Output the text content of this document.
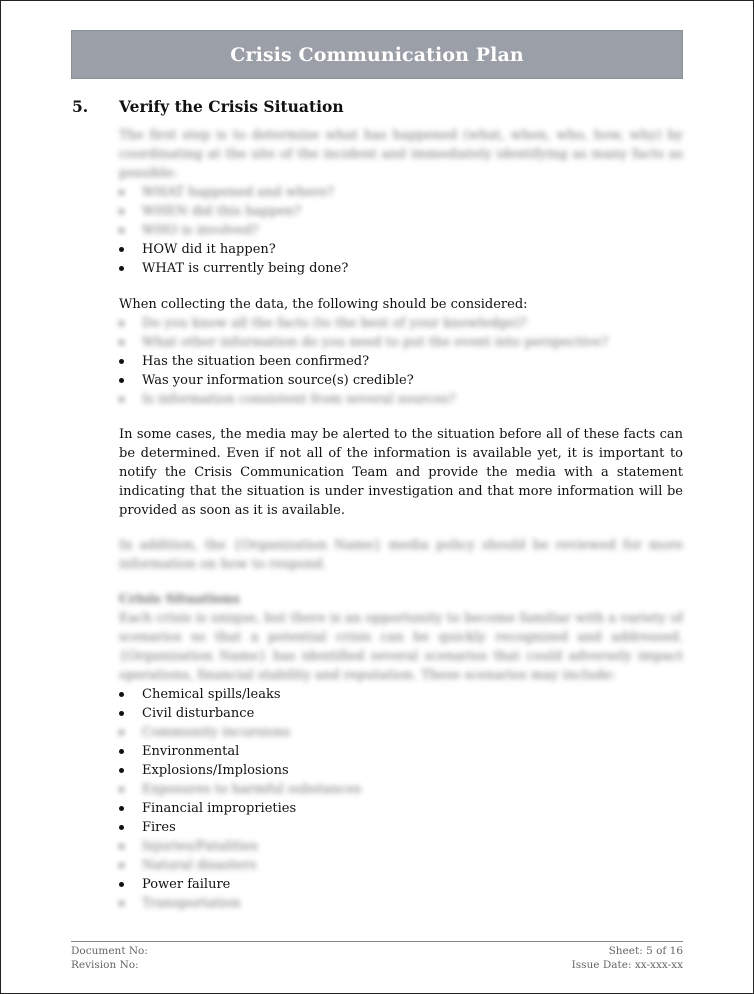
Crisis Communication Plan
5. Verify the Crisis Situation

The first step is to determine what has happened (what, when, who, how, why) by coordinating at the site of the incident and immediately identifying as many facts as possible:

WHAT happened and where?
WHEN did this happen?
WHO is involved?
HOW did it happen?
WHAT is currently being done?

When collecting the data, the following should be considered:

Do you know all the facts (to the best of your knowledge)?
What other information do you need to put the event into perspective?
Has the situation been confirmed?
Was your information source(s) credible?
Is information consistent from several sources?

In some cases, the media may be alerted to the situation before all of these facts can be determined. Even if not all of the information is available yet, it is important to notify the Crisis Communication Team and provide the media with a statement indicating that the situation is under investigation and that more information will be provided as soon as it is available.

In addition, the {Organization Name} media policy should be reviewed for more information on how to respond.

Crisis Situations

Each crisis is unique, but there is an opportunity to become familiar with a variety of scenarios so that a potential crisis can be quickly recognized and addressed. {Organization Name} has identified several scenarios that could adversely impact operations, financial stability and reputation. These scenarios may include:

Chemical spills/leaks
Civil disturbance
Community incursions
Environmental
Explosions/Implosions
Exposures to harmful substances
Financial improprieties
Fires
Injuries/Fatalities
Natural disasters
Power failure
Transportation
Document No:	Sheet: 5 of 16
Revision No:	Issue Date: xx-xxx-xx
